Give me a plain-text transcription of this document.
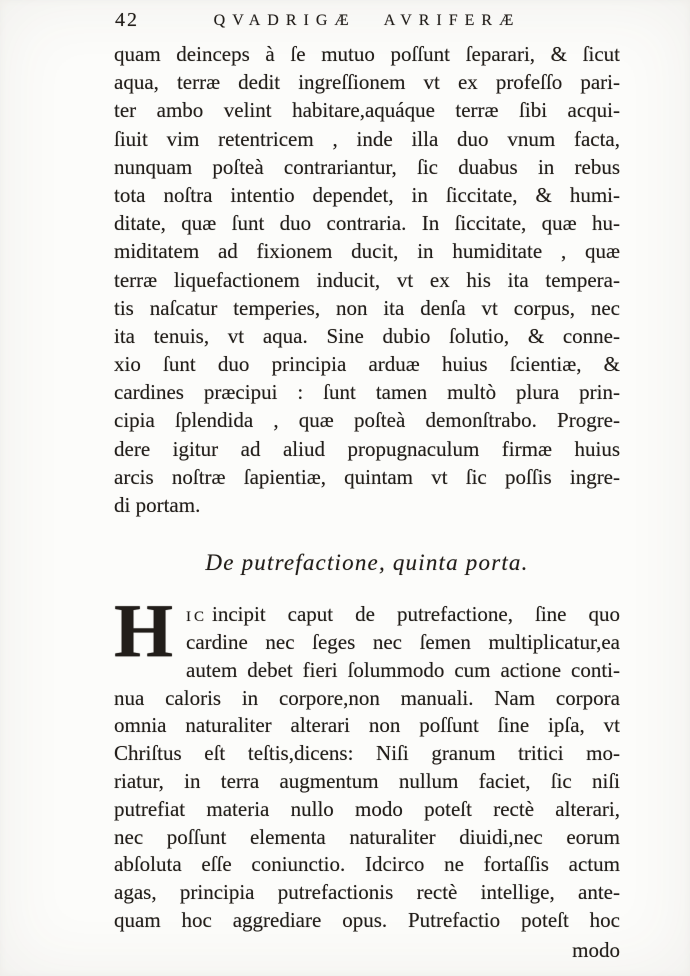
42	QVADRIGÆ AVRIFERÆ
quam deinceps à ſe mutuo poſſunt ſeparari, & ſicut
aqua, terræ dedit ingreſſionem vt ex profeſſo pari-
ter ambo velint habitare,aquáque terræ ſibi acqui-
ſiuit vim retentricem , inde illa duo vnum facta,
nunquam poſteà contrariantur, ſic duabus in rebus
tota noſtra intentio dependet, in ſiccitate, & humi-
ditate, quæ ſunt duo contraria. In ſiccitate, quæ hu-
miditatem ad fixionem ducit, in humiditate , quæ
terræ liquefactionem inducit, vt ex his ita tempera-
tis naſcatur temperies, non ita denſa vt corpus, nec
ita tenuis, vt aqua. Sine dubio ſolutio, & conne-
xio ſunt duo principia arduæ huius ſcientiæ, &
cardines præcipui : ſunt tamen multò plura prin-
cipia ſplendida , quæ poſteà demonſtrabo. Progre-
dere igitur ad aliud propugnaculum firmæ huius
arcis noſtræ ſapientiæ, quintam vt ſic poſſis ingre-
di portam.
De putrefactione, quinta porta.
H ic incipit caput de putrefactione, ſine quo
cardine nec ſeges nec ſemen multiplicatur,ea
autem debet fieri ſolummodo cum actione conti-
nua caloris in corpore,non manuali. Nam corpora
omnia naturaliter alterari non poſſunt ſine ipſa, vt
Chriſtus eſt teſtis,dicens: Niſi granum tritici mo-
riatur, in terra augmentum nullum faciet, ſic niſi
putrefiat materia nullo modo poteſt rectè alterari,
nec poſſunt elementa naturaliter diuidi,nec eorum
abſoluta eſſe coniunctio. Idcirco ne fortaſſis actum
agas, principia putrefactionis rectè intellige, ante-
quam hoc aggrediare opus. Putrefactio poteſt hoc
modo
